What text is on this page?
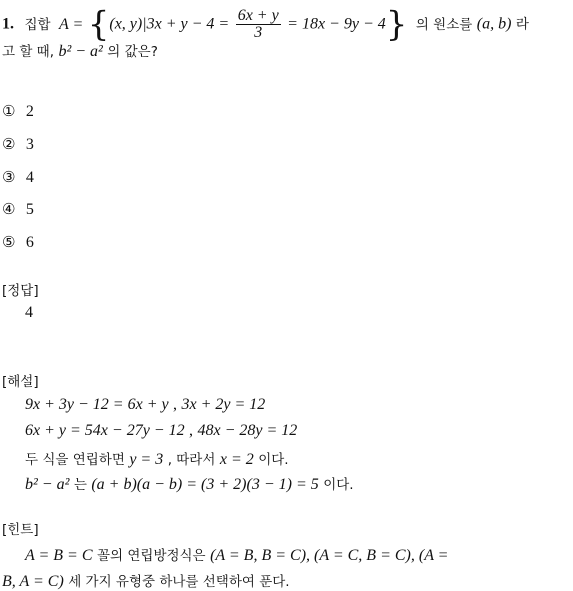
1. 집합 A = {(x, $y)|3x + y - 4 = \frac{6x + y}{3} = 18x - 9y - 4$} 의 원소를 (a, b) 라
고 할 때, b² − a² 의 값은?
① 2
② 3
③ 4
④ 5
⑤ 6
[정답]
4
[해설]
9x + 3y − 12 = 6x + y , 3x + 2y = 12
6x + y = 54x − 27y − 12 , 48x − 28y = 12
두 식을 연립하면 y = 3 , 따라서 x = 2 이다.
b² − a² 는 (a + b)(a − b) = (3 + 2)(3 − 1) = 5 이다.
[힌트]
A = B = C 꼴의 연립방정식은 (A = B, B = C), (A = C, B = C), (A =
B, A = C) 세 가지 유형중 하나를 선택하여 푼다.
